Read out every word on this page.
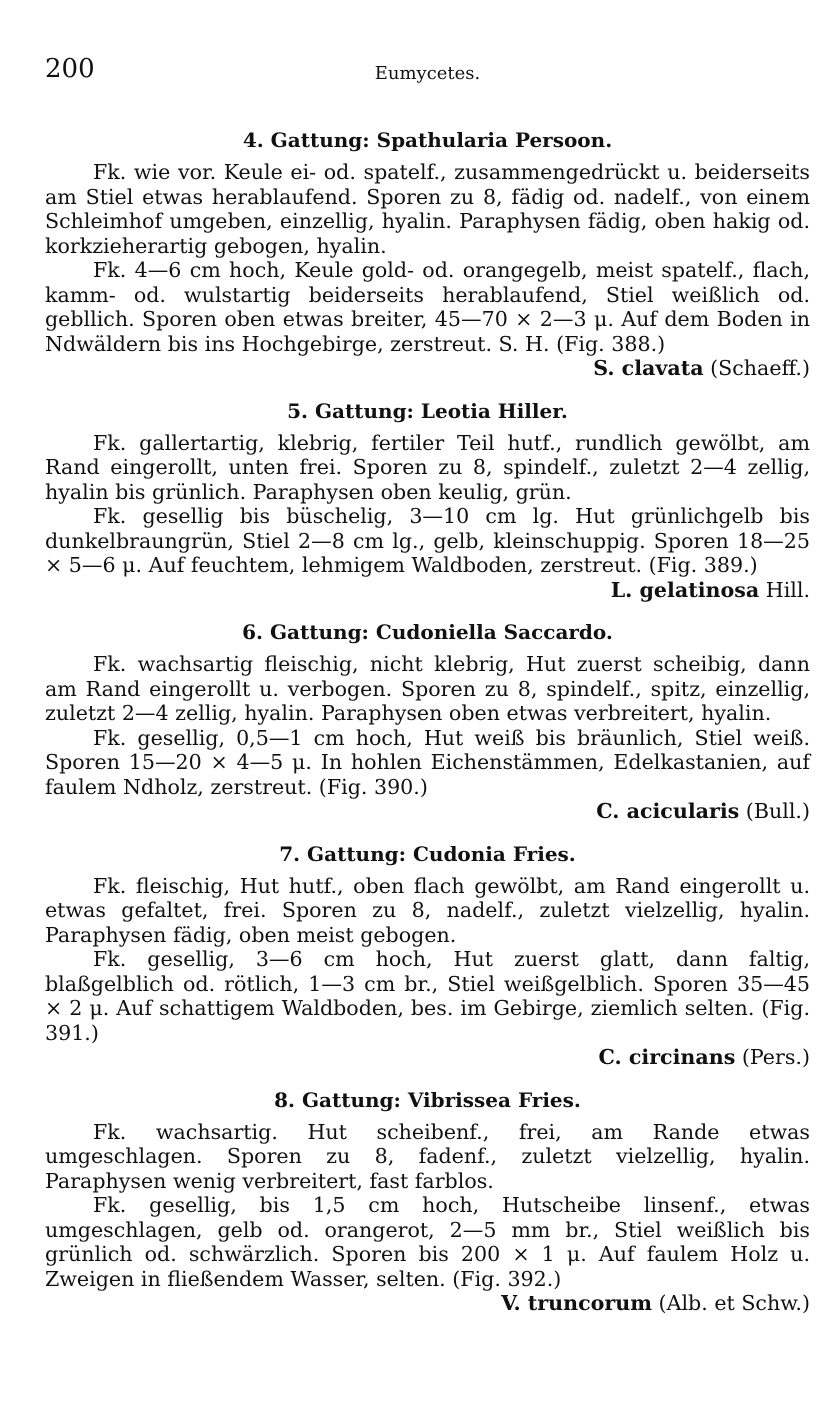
200	Eumycetes.
4. Gattung: Spathularia Persoon.

Fk. wie vor. Keule ei- od. spatelf., zusammengedrückt u. beiderseits am Stiel etwas herablaufend. Sporen zu 8, fädig od. nadelf., von einem Schleimhof umgeben, einzellig, hyalin. Paraphysen fädig, oben hakig od. korkzieherartig gebogen, hyalin.

Fk. 4—6 cm hoch, Keule gold- od. orangegelb, meist spatelf., flach, kamm- od. wulstartig beiderseits herablaufend, Stiel weißlich od. gebllich. Sporen oben etwas breiter, 45—70 × 2—3 μ. Auf dem Boden in Ndwäldern bis ins Hochgebirge, zerstreut. S. H. (Fig. 388.)

S. clavata (Schaeff.)

5. Gattung: Leotia Hiller.

Fk. gallertartig, klebrig, fertiler Teil hutf., rundlich gewölbt, am Rand eingerollt, unten frei. Sporen zu 8, spindelf., zuletzt 2—4 zellig, hyalin bis grünlich. Paraphysen oben keulig, grün.

Fk. gesellig bis büschelig, 3—10 cm lg. Hut grünlichgelb bis dunkelbraungrün, Stiel 2—8 cm lg., gelb, kleinschuppig. Sporen 18—25 × 5—6 μ. Auf feuchtem, lehmigem Waldboden, zerstreut. (Fig. 389.)

L. gelatinosa Hill.

6. Gattung: Cudoniella Saccardo.

Fk. wachsartig fleischig, nicht klebrig, Hut zuerst scheibig, dann am Rand eingerollt u. verbogen. Sporen zu 8, spindelf., spitz, einzellig, zuletzt 2—4 zellig, hyalin. Paraphysen oben etwas verbreitert, hyalin.

Fk. gesellig, 0,5—1 cm hoch, Hut weiß bis bräunlich, Stiel weiß. Sporen 15—20 × 4—5 μ. In hohlen Eichenstämmen, Edelkastanien, auf faulem Ndholz, zerstreut. (Fig. 390.)

C. acicularis (Bull.)

7. Gattung: Cudonia Fries.

Fk. fleischig, Hut hutf., oben flach gewölbt, am Rand eingerollt u. etwas gefaltet, frei. Sporen zu 8, nadelf., zuletzt vielzellig, hyalin. Paraphysen fädig, oben meist gebogen.

Fk. gesellig, 3—6 cm hoch, Hut zuerst glatt, dann faltig, blaßgelblich od. rötlich, 1—3 cm br., Stiel weißgelblich. Sporen 35—45 × 2 μ. Auf schattigem Waldboden, bes. im Gebirge, ziemlich selten. (Fig. 391.)

C. circinans (Pers.)

8. Gattung: Vibrissea Fries.

Fk. wachsartig. Hut scheibenf., frei, am Rande etwas umgeschlagen. Sporen zu 8, fadenf., zuletzt vielzellig, hyalin. Paraphysen wenig verbreitert, fast farblos.

Fk. gesellig, bis 1,5 cm hoch, Hutscheibe linsenf., etwas umgeschlagen, gelb od. orangerot, 2—5 mm br., Stiel weißlich bis grünlich od. schwärzlich. Sporen bis 200 × 1 μ. Auf faulem Holz u. Zweigen in fließendem Wasser, selten. (Fig. 392.)

V. truncorum (Alb. et Schw.)
